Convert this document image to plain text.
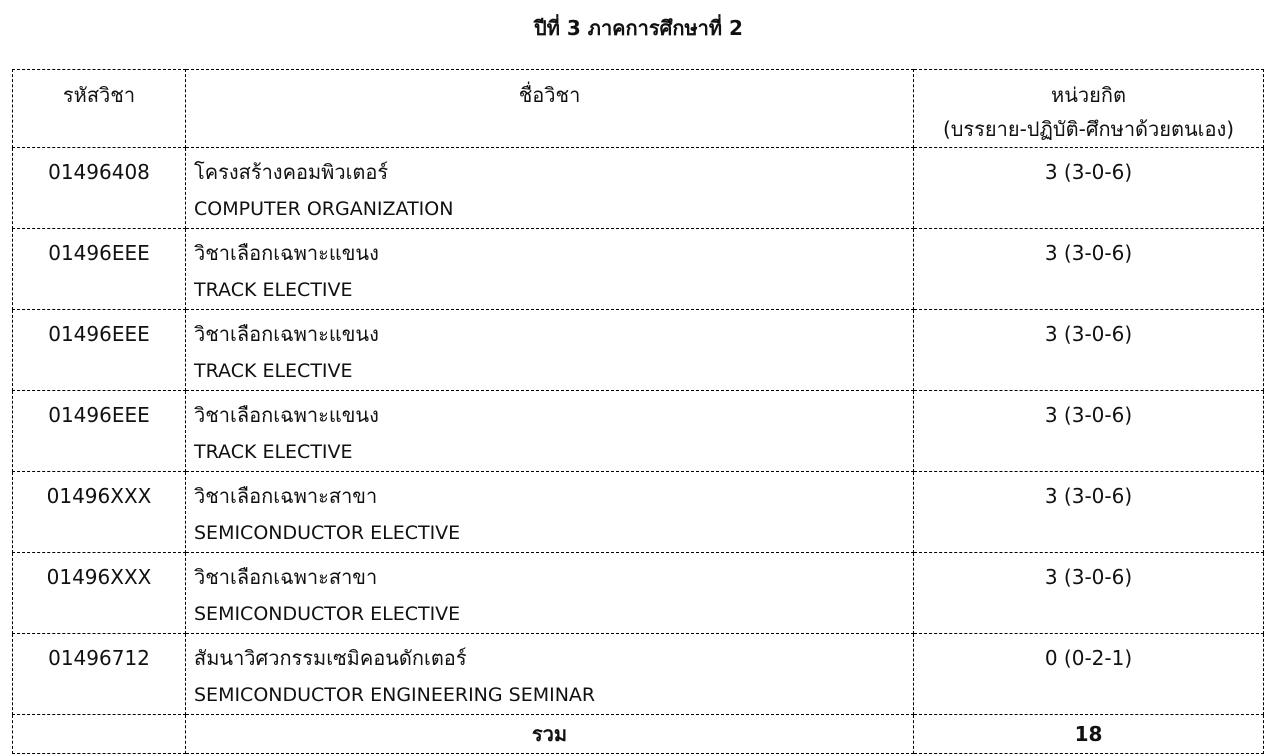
ปีที่ 3 ภาคการศึกษาที่ 2
รหัสวิชา	ชื่อวิชา	หน่วยกิต
(บรรยาย-ปฏิบัติ-ศึกษาด้วยตนเอง)

01496408	โครงสร้างคอมพิวเตอร์
COMPUTER ORGANIZATION	3 (3-0-6)

01496EEE	วิชาเลือกเฉพาะแขนง
TRACK ELECTIVE	3 (3-0-6)

01496EEE	วิชาเลือกเฉพาะแขนง
TRACK ELECTIVE	3 (3-0-6)

01496EEE	วิชาเลือกเฉพาะแขนง
TRACK ELECTIVE	3 (3-0-6)

01496XXX	วิชาเลือกเฉพาะสาขา
SEMICONDUCTOR ELECTIVE	3 (3-0-6)

01496XXX	วิชาเลือกเฉพาะสาขา
SEMICONDUCTOR ELECTIVE	3 (3-0-6)

01496712	สัมนาวิศวกรรมเซมิคอนดักเตอร์
SEMICONDUCTOR ENGINEERING SEMINAR	0 (0-2-1)

	รวม	18
